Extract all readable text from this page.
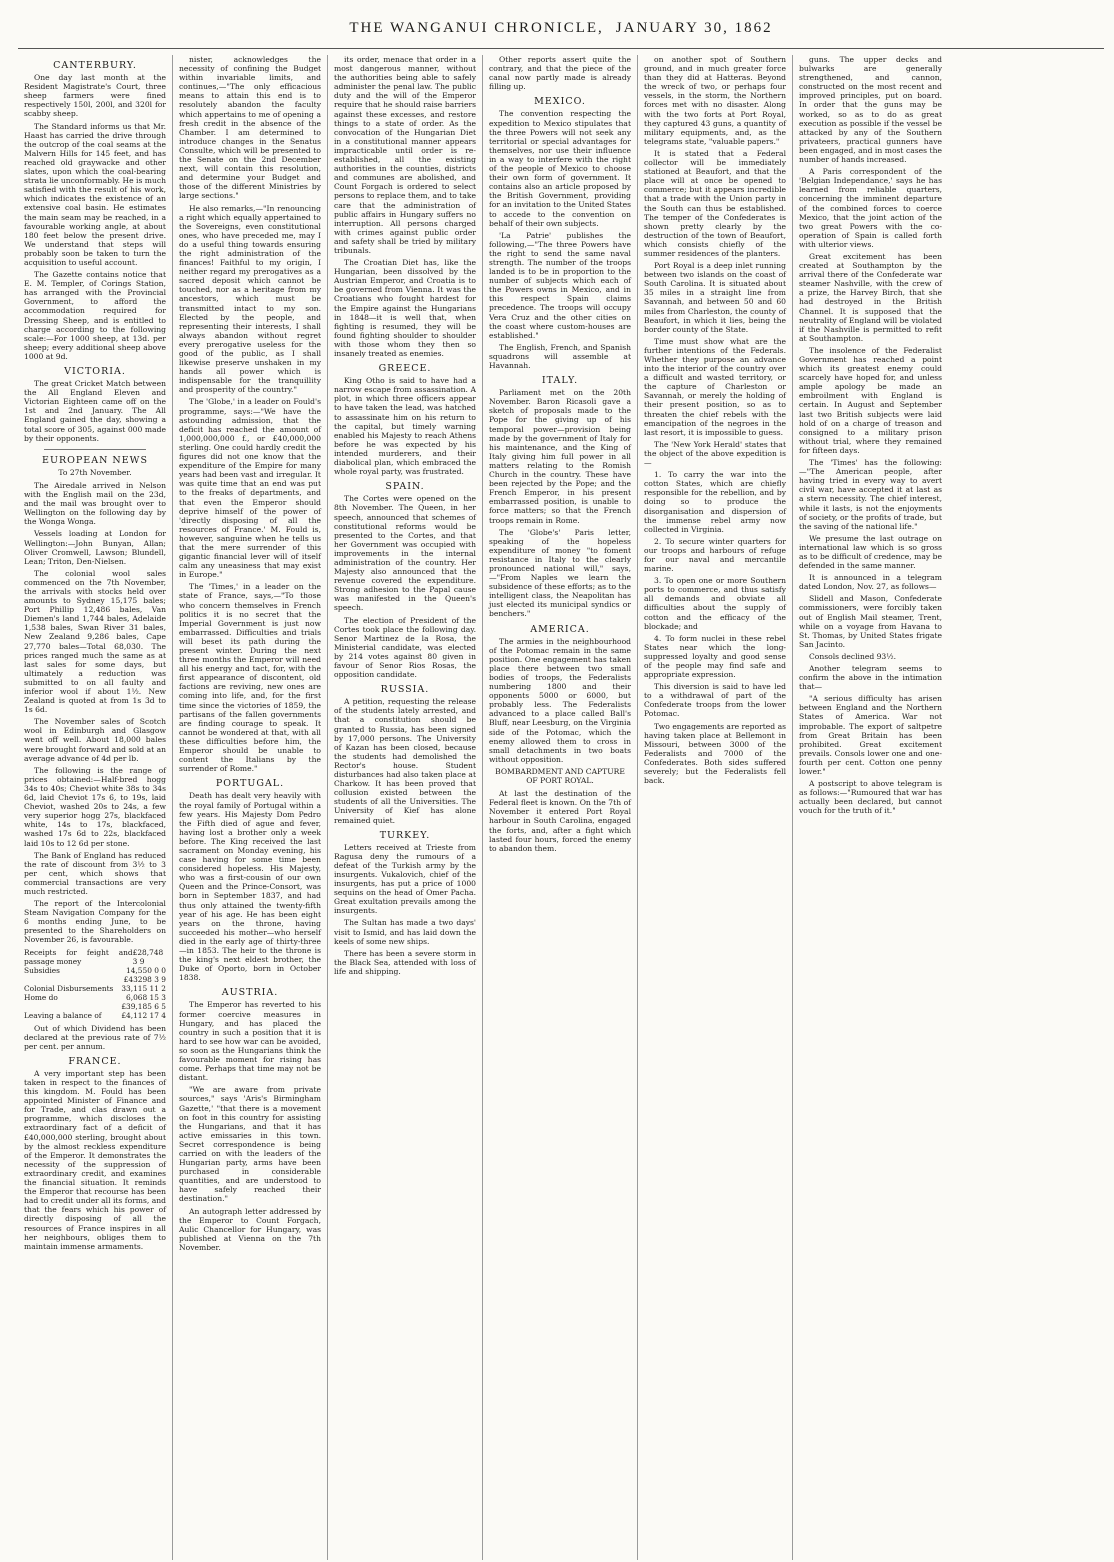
THE WANGANUI CHRONICLE, JANUARY 30, 1862
CANTERBURY.

One day last month at the Resident Magistrate's Court, three sheep farmers were fined respectively 150l, 200l, and 320l for scabby sheep.

The Standard informs us that Mr. Haast has carried the drive through the outcrop of the coal seams at the Malvern Hills for 145 feet, and has reached old graywacke and other slates, upon which the coal-bearing strata lie unconformably. He is much satisfied with the result of his work, which indicates the existence of an extensive coal basin. He estimates the main seam may be reached, in a favourable working angle, at about 180 feet below the present drive. We understand that steps will probably soon be taken to turn the acquisition to useful account.

The Gazette contains notice that E. M. Templer, of Corings Station, has arranged with the Provincial Government, to afford the accommodation required for Dressing Sheep, and is entitled to charge according to the following scale:—For 1000 sheep, at 13d. per sheep; every additional sheep above 1000 at 9d.

VICTORIA.

The great Cricket Match between the All England Eleven and Victorian Eighteen came off on the 1st and 2nd January. The All England gained the day, showing a total score of 305, against 000 made by their opponents.

EUROPEAN NEWS
To 27th November.

The Airedale arrived in Nelson with the English mail on the 23d, and the mail was brought over to Wellington on the following day by the Wonga Wonga.

Vessels loading at London for Wellington:—John Bunyan, Allan; Oliver Cromwell, Lawson; Blundell, Lean; Triton, Den-Nielsen.

The colonial wool sales commenced on the 7th November, the arrivals with stocks held over amounts to Sydney 15,175 bales; Port Phillip 12,486 bales, Van Diemen's land 1,744 bales, Adelaide 1,538 bales, Swan River 31 bales, New Zealand 9,286 bales, Cape 27,770 bales—Total 68,030. The prices ranged much the same as at last sales for some days, but ultimately a reduction was submitted to on all faulty and inferior wool if about 1½. New Zealand is quoted at from 1s 3d to 1s 6d.

The November sales of Scotch wool in Edinburgh and Glasgow went off well. About 18,000 bales were brought forward and sold at an average advance of 4d per lb.

The following is the range of prices obtained:—Half-bred hogg 34s to 40s; Cheviot white 38s to 34s 6d, laid Cheviot 17s 6, to 19s, laid Cheviot, washed 20s to 24s, a few very superior hogg 27s, blackfaced white, 14s to 17s, blackfaced, washed 17s 6d to 22s, blackfaced laid 10s to 12 6d per stone.

The Bank of England has reduced the rate of discount from 3½ to 3 per cent, which shows that commercial transactions are very much restricted.

The report of the Intercolonial Steam Navigation Company for the 6 months ending June, to be presented to the Shareholders on November 26, is favourable.

Receipts for feight and passage money
£28,748 3 9
Subsidies	14,550 0 0
£43298 3 9
Colonial Disbursements 33,115 11 2
Home do	6,068 15 3
£39,185 6 5
Leaving a balance of	£4,112 17 4

Out of which Dividend has been declared at the previous rate of 7½ per cent. per annum.

FRANCE.

A very important step has been taken in respect to the finances of this kingdom. M. Fould has been appointed Minister of Finance and for Trade, and clas drawn out a programme, which discloses the extraordinary fact of a deficit of £40,000,000 sterling, brought about by the almost reckless expenditure of the Emperor. It demonstrates the necessity of the suppression of extraordinary credit, and examines the financial situation. It reminds the Emperor that recourse has been had to credit under all its forms, and that the fears which his power of directly disposing of all the resources of France inspires in all her neighbours, obliges them to maintain immense armaments.

nister, acknowledges the necessity of confining the Budget within invariable limits, and continues,—"The only efficacious means to attain this end is to resolutely abandon the faculty which appertains to me of opening a fresh credit in the absence of the Chamber. I am determined to introduce changes in the Senatus Consulte, which will be presented to the Senate on the 2nd December next, will contain this resolution, and determine your Budget and those of the different Ministries by large sections."

He also remarks,—"In renouncing a right which equally appertained to the Sovereigns, even constitutional ones, who have preceded me, may I do a useful thing towards ensuring the right administration of the finances! Faithful to my origin, I neither regard my prerogatives as a sacred deposit which cannot be touched, nor as a heritage from my ancestors, which must be transmitted intact to my son. Elected by the people, and representing their interests, I shall always abandon without regret every prerogative useless for the good of the public, as I shall likewise preserve unshaken in my hands all power which is indispensable for the tranquillity and prosperity of the country."

The 'Globe,' in a leader on Fould's programme, says:—"We have the astounding admission, that the deficit has reached the amount of 1,000,000,000 f., or £40,000,000 sterling. One could hardly credit the figures did not one know that the expenditure of the Empire for many years had been vast and irregular. It was quite time that an end was put to the freaks of departments, and that even the Emperor should deprive himself of the power of 'directly disposing of all the resources of France.' M. Fould is, however, sanguine when he tells us that the mere surrender of this gigantic financial lever will of itself calm any uneasiness that may exist in Europe."

The 'Times,' in a leader on the state of France, says,—"To those who concern themselves in French politics it is no secret that the Imperial Government is just now embarrassed. Difficulties and trials will beset its path during the present winter. During the next three months the Emperor will need all his energy and tact, for, with the first appearance of discontent, old factions are reviving, new ones are coming into life, and, for the first time since the victories of 1859, the partisans of the fallen governments are finding courage to speak. It cannot be wondered at that, with all these difficulties before him, the Emperor should be unable to content the Italians by the surrender of Rome."

PORTUGAL.

Death has dealt very heavily with the royal family of Portugal within a few years. His Majesty Dom Pedro the Fifth died of ague and fever, having lost a brother only a week before. The King received the last sacrament on Monday evening, his case having for some time been considered hopeless. His Majesty, who was a first-cousin of our own Queen and the Prince-Consort, was born in September 1837, and had thus only attained the twenty-fifth year of his age. He has been eight years on the throne, having succeeded his mother—who herself died in the early age of thirty-three—in 1853. The heir to the throne is the king's next eldest brother, the Duke of Oporto, born in October 1838.

AUSTRIA.

The Emperor has reverted to his former coercive measures in Hungary, and has placed the country in such a position that it is hard to see how war can be avoided, so soon as the Hungarians think the favourable moment for rising has come. Perhaps that time may not be distant.

"We are aware from private sources," says 'Aris's Birmingham Gazette,' "that there is a movement on foot in this country for assisting the Hungarians, and that it has active emissaries in this town. Secret correspondence is being carried on with the leaders of the Hungarian party, arms have been purchased in considerable quantities, and are understood to have safely reached their destination."

An autograph letter addressed by the Emperor to Count Forgach, Aulic Chancellor for Hungary, was published at Vienna on the 7th November.

its order, menace that order in a most dangerous manner, without the authorities being able to safely administer the penal law. The public duty and the will of the Emperor require that he should raise barriers against these excesses, and restore things to a state of order. As the convocation of the Hungarian Diet in a constitutional manner appears impracticable until order is re-established, all the existing authorities in the counties, districts and communes are abolished, and Count Forgach is ordered to select persons to replace them, and to take care that the administration of public affairs in Hungary suffers no interruption. All persons charged with crimes against public order and safety shall be tried by military tribunals.

The Croatian Diet has, like the Hungarian, been dissolved by the Austrian Emperor, and Croatia is to be governed from Vienna. It was the Croatians who fought hardest for the Empire against the Hungarians in 1848—it is well that, when fighting is resumed, they will be found fighting shoulder to shoulder with those whom they then so insanely treated as enemies.

GREECE.

King Otho is said to have had a narrow escape from assassination. A plot, in which three officers appear to have taken the lead, was hatched to assassinate him on his return to the capital, but timely warning enabled his Majesty to reach Athens before he was expected by his intended murderers, and their diabolical plan, which embraced the whole royal party, was frustrated.

SPAIN.

The Cortes were opened on the 8th November. The Queen, in her speech, announced that schemes of constitutional reforms would be presented to the Cortes, and that her Government was occupied with improvements in the internal administration of the country. Her Majesty also announced that the revenue covered the expenditure. Strong adhesion to the Papal cause was manifested in the Queen's speech.

The election of President of the Cortes took place the following day. Senor Martinez de la Rosa, the Ministerial candidate, was elected by 214 votes against 80 given in favour of Senor Rios Rosas, the opposition candidate.

RUSSIA.

A petition, requesting the release of the students lately arrested, and that a constitution should be granted to Russia, has been signed by 17,000 persons. The University of Kazan has been closed, because the students had demolished the Rector's house. Student disturbances had also taken place at Charkow. It has been proved that collusion existed between the students of all the Universities. The University of Kief has alone remained quiet.

TURKEY.

Letters received at Trieste from Ragusa deny the rumours of a defeat of the Turkish army by the insurgents. Vukalovich, chief of the insurgents, has put a price of 1000 sequins on the head of Omer Pacha. Great exultation prevails among the insurgents.

The Sultan has made a two days' visit to Ismid, and has laid down the keels of some new ships.

There has been a severe storm in the Black Sea, attended with loss of life and shipping.

Other reports assert quite the contrary, and that the piece of the canal now partly made is already filling up.

MEXICO.

The convention respecting the expedition to Mexico stipulates that the three Powers will not seek any territorial or special advantages for themselves, nor use their influence in a way to interfere with the right of the people of Mexico to choose their own form of government. It contains also an article proposed by the British Government, providing for an invitation to the United States to accede to the convention on behalf of their own subjects.

'La Patrie' publishes the following,—"The three Powers have the right to send the same naval strength. The number of the troops landed is to be in proportion to the number of subjects which each of the Powers owns in Mexico, and in this respect Spain claims precedence. The troops will occupy Vera Cruz and the other cities on the coast where custom-houses are established."

The English, French, and Spanish squadrons will assemble at Havannah.

ITALY.

Parliament met on the 20th November. Baron Ricasoli gave a sketch of proposals made to the Pope for the giving up of his temporal power—provision being made by the government of Italy for his maintenance, and the King of Italy giving him full power in all matters relating to the Romish Church in the country. These have been rejected by the Pope; and the French Emperor, in his present embarrassed position, is unable to force matters; so that the French troops remain in Rome.

The 'Globe's' Paris letter, speaking of the hopeless expenditure of money "to foment resistance in Italy to the clearly pronounced national will," says,—"From Naples we learn the subsidence of these efforts; as to the intelligent class, the Neapolitan has just elected its municipal syndics or benchers."

AMERICA.

The armies in the neighbourhood of the Potomac remain in the same position. One engagement has taken place there between two small bodies of troops, the Federalists numbering 1800 and their opponents 5000 or 6000, but probably less. The Federalists advanced to a place called Ball's Bluff, near Leesburg, on the Virginia side of the Potomac, which the enemy allowed them to cross in small detachments in two boats without opposition.

BOMBARDMENT AND CAPTURE OF PORT ROYAL.

At last the destination of the Federal fleet is known. On the 7th of November it entered Port Royal harbour in South Carolina, engaged the forts, and, after a fight which lasted four hours, forced the enemy to abandon them.

on another spot of Southern ground, and in much greater force than they did at Hatteras. Beyond the wreck of two, or perhaps four vessels, in the storm, the Northern forces met with no disaster. Along with the two forts at Port Royal, they captured 43 guns, a quantity of military equipments, and, as the telegrams state, "valuable papers."

It is stated that a Federal collector will be immediately stationed at Beaufort, and that the place will at once be opened to commerce; but it appears incredible that a trade with the Union party in the South can thus be established. The temper of the Confederates is shown pretty clearly by the destruction of the town of Beaufort, which consists chiefly of the summer residences of the planters.

Port Royal is a deep inlet running between two islands on the coast of South Carolina. It is situated about 35 miles in a straight line from Savannah, and between 50 and 60 miles from Charleston, the county of Beaufort, in which it lies, being the border county of the State.

Time must show what are the further intentions of the Federals. Whether they purpose an advance into the interior of the country over a difficult and wasted territory, or the capture of Charleston or Savannah, or merely the holding of their present position, so as to threaten the chief rebels with the emancipation of the negroes in the last resort, it is impossible to guess.

The 'New York Herald' states that the object of the above expedition is—

1. To carry the war into the cotton States, which are chiefly responsible for the rebellion, and by doing so to produce the disorganisation and dispersion of the immense rebel army now collected in Virginia.

2. To secure winter quarters for our troops and harbours of refuge for our naval and mercantile marine.

3. To open one or more Southern ports to commerce, and thus satisfy all demands and obviate all difficulties about the supply of cotton and the efficacy of the blockade; and

4. To form nuclei in these rebel States near which the long-suppressed loyalty and good sense of the people may find safe and appropriate expression.

This diversion is said to have led to a withdrawal of part of the Confederate troops from the lower Potomac.

Two engagements are reported as having taken place at Bellemont in Missouri, between 3000 of the Federalists and 7000 of the Confederates. Both sides suffered severely; but the Federalists fell back.

guns. The upper decks and bulwarks are generally strengthened, and cannon, constructed on the most recent and improved principles, put on board. In order that the guns may be worked, so as to do as great execution as possible if the vessel be attacked by any of the Southern privateers, practical gunners have been engaged, and in most cases the number of hands increased.

A Paris correspondent of the 'Belgian Independance,' says he has learned from reliable quarters, concerning the imminent departure of the combined forces to coerce Mexico, that the joint action of the two great Powers with the co-operation of Spain is called forth with ulterior views.

Great excitement has been created at Southampton by the arrival there of the Confederate war steamer Nashville, with the crew of a prize, the Harvey Birch, that she had destroyed in the British Channel. It is supposed that the neutrality of England will be violated if the Nashville is permitted to refit at Southampton.

The insolence of the Federalist Government has reached a point which its greatest enemy could scarcely have hoped for, and unless ample apology be made an embroilment with England is certain. In August and September last two British subjects were laid hold of on a charge of treason and consigned to a military prison without trial, where they remained for fifteen days.

The 'Times' has the following:—"The American people, after having tried in every way to avert civil war, have accepted it at last as a stern necessity. The chief interest, while it lasts, is not the enjoyments of society, or the profits of trade, but the saving of the national life."

We presume the last outrage on international law which is so gross as to be difficult of credence, may be defended in the same manner.

It is announced in a telegram dated London, Nov. 27, as follows—

Slidell and Mason, Confederate commissioners, were forcibly taken out of English Mail steamer, Trent, while on a voyage from Havana to St. Thomas, by United States frigate San Jacinto.

Consols declined 93½.

Another telegram seems to confirm the above in the intimation that—

"A serious difficulty has arisen between England and the Northern States of America. War not improbable. The export of saltpetre from Great Britain has been prohibited. Great excitement prevails. Consols lower one and one-fourth per cent. Cotton one penny lower."

A postscript to above telegram is as follows:—"Rumoured that war has actually been declared, but cannot vouch for the truth of it."
